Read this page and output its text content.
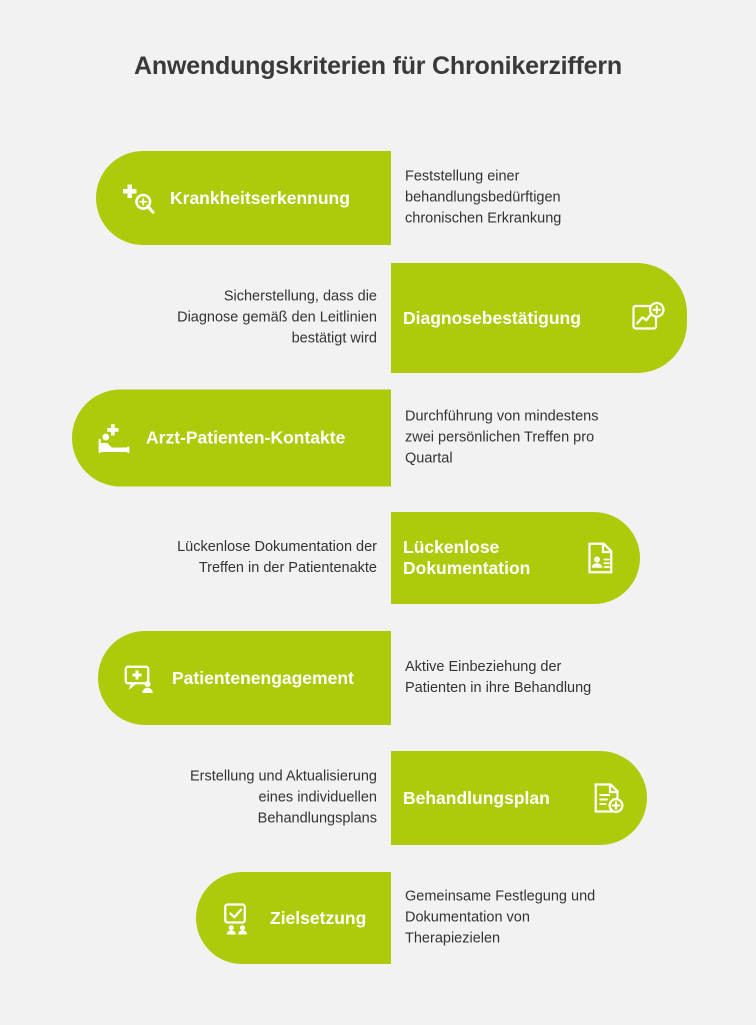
Anwendungskriterien für Chronikerziffern
Krankheitserkennung
Feststellung einer behandlungsbedürftigen chronischen Erkrankung
Diagnosebestätigung
Sicherstellung, dass die Diagnose gemäß den Leitlinien bestätigt wird
Arzt-Patienten-Kontakte
Durchführung von mindestens zwei persönlichen Treffen pro Quartal
Lückenlose Dokumentation
Lückenlose Dokumentation der Treffen in der Patientenakte
Patientenengagement
Aktive Einbeziehung der Patienten in ihre Behandlung
Behandlungsplan
Erstellung und Aktualisierung eines individuellen Behandlungsplans
Zielsetzung
Gemeinsame Festlegung und Dokumentation von Therapiezielen
